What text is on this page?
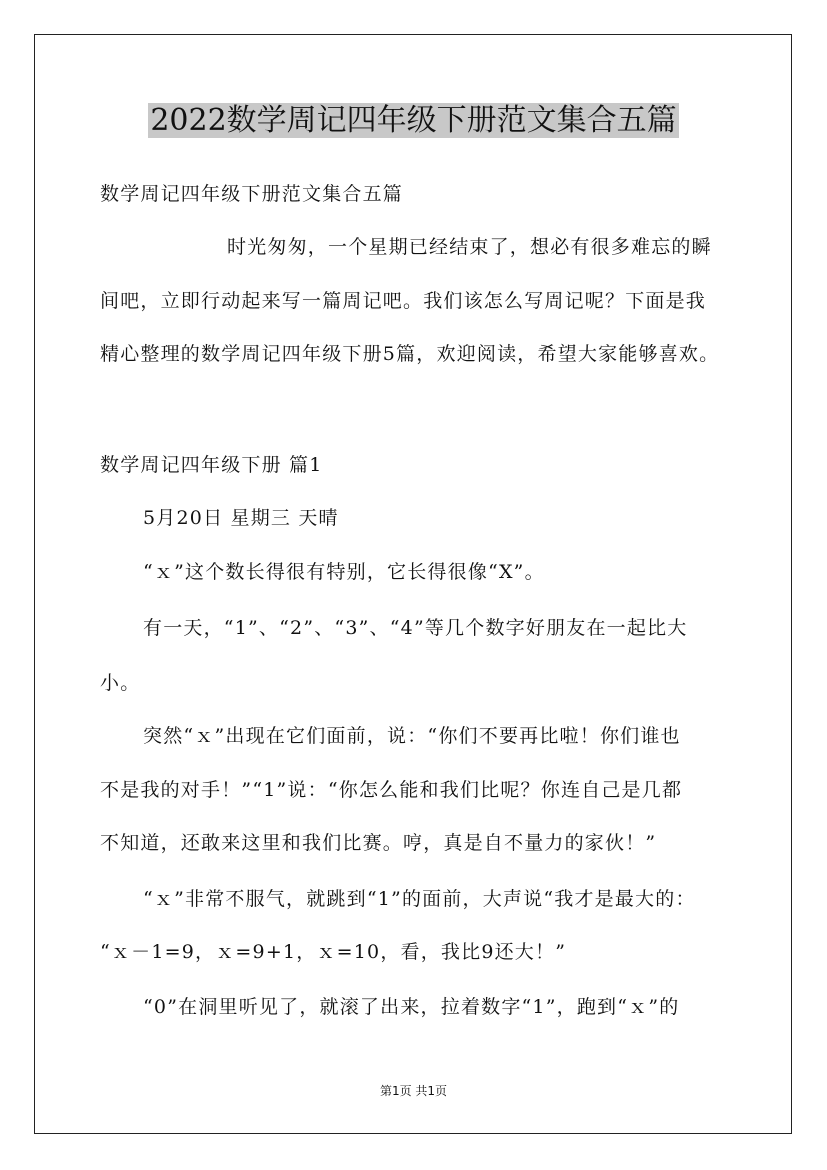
2022数学周记四年级下册范文集合五篇
数学周记四年级下册范文集合五篇
时光匆匆，一个星期已经结束了，想必有很多难忘的瞬
间吧，立即行动起来写一篇周记吧。我们该怎么写周记呢？下面是我
精心整理的数学周记四年级下册5篇，欢迎阅读，希望大家能够喜欢。
数学周记四年级下册 篇1
5月20日 星期三 天晴
“ｘ”这个数长得很有特别，它长得很像“X”。
有一天，“1”、“2”、“3”、“4”等几个数字好朋友在一起比大
小。
突然“ｘ”出现在它们面前，说：“你们不要再比啦！你们谁也
不是我的对手！”“1”说：“你怎么能和我们比呢？你连自己是几都
不知道，还敢来这里和我们比赛。哼，真是自不量力的家伙！”
“ｘ”非常不服气，就跳到“1”的面前，大声说“我才是最大的：
“ｘ－1=9，ｘ=9+1，ｘ=10，看，我比9还大！”
“0”在洞里听见了，就滚了出来，拉着数字“1”，跑到“ｘ”的
第1页 共1页
